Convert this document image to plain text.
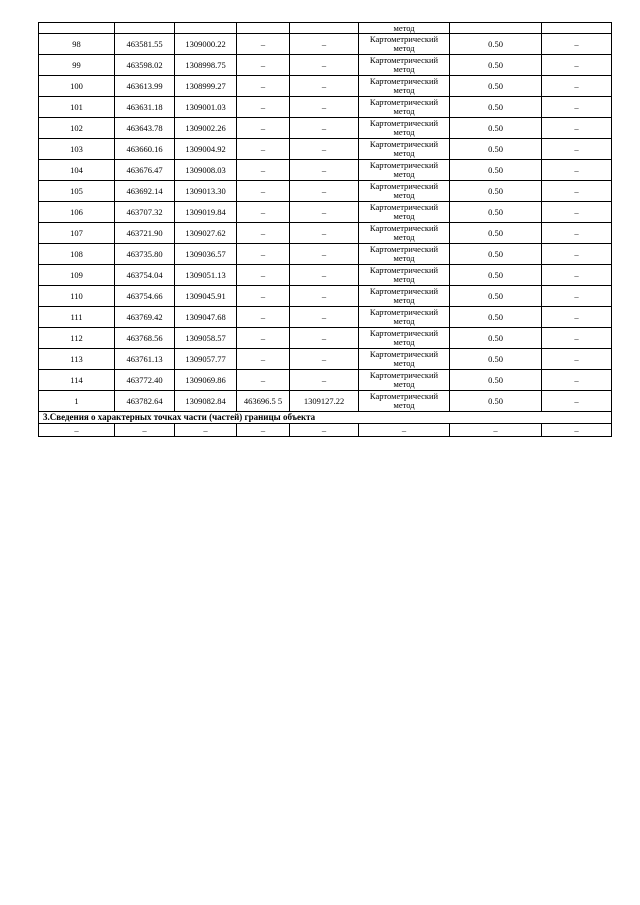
					метод		
98	463581.55	1309000.22	–	–	Картометрический метод	0.50	–
99	463598.02	1308998.75	–	–	Картометрический метод	0.50	–
100	463613.99	1308999.27	–	–	Картометрический метод	0.50	–
101	463631.18	1309001.03	–	–	Картометрический метод	0.50	–
102	463643.78	1309002.26	–	–	Картометрический метод	0.50	–
103	463660.16	1309004.92	–	–	Картометрический метод	0.50	–
104	463676.47	1309008.03	–	–	Картометрический метод	0.50	–
105	463692.14	1309013.30	–	–	Картометрический метод	0.50	–
106	463707.32	1309019.84	–	–	Картометрический метод	0.50	–
107	463721.90	1309027.62	–	–	Картометрический метод	0.50	–
108	463735.80	1309036.57	–	–	Картометрический метод	0.50	–
109	463754.04	1309051.13	–	–	Картометрический метод	0.50	–
110	463754.66	1309045.91	–	–	Картометрический метод	0.50	–
111	463769.42	1309047.68	–	–	Картометрический метод	0.50	–
112	463768.56	1309058.57	–	–	Картометрический метод	0.50	–
113	463761.13	1309057.77	–	–	Картометрический метод	0.50	–
114	463772.40	1309069.86	–	–	Картометрический метод	0.50	–
1	463782.64	1309082.84	463696.5 5	1309127.22	Картометрический метод	0.50	–
3.Сведения о характерных точках части (частей) границы объекта							
–	–	–	–	–	–	–	–
